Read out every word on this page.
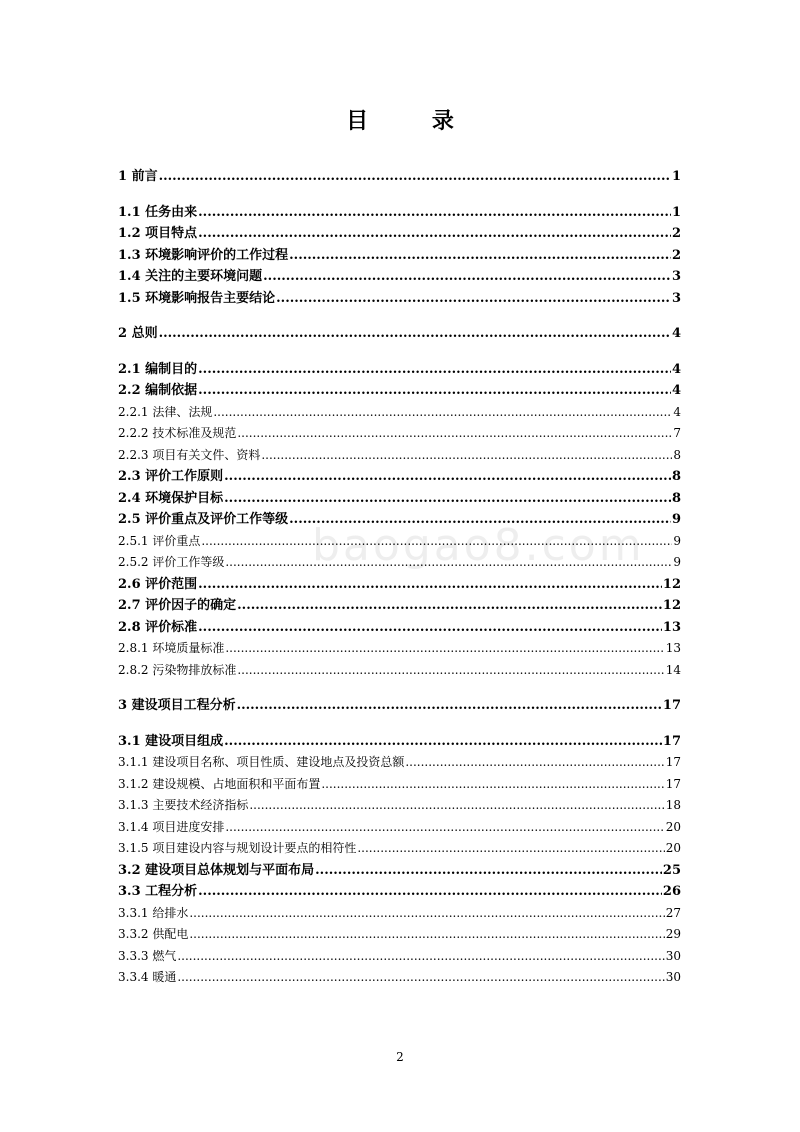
目 录
baogao8.com
1 前言 .....	1
1.1 任务由来 .....	1
1.2 项目特点 .....	2
1.3 环境影响评价的工作过程 .....	2
1.4 关注的主要环境问题 .....	3
1.5 环境影响报告主要结论 .....	3
2 总则 .....	4
2.1 编制目的 .....	4
2.2 编制依据 .....	4
2.2.1 法律、法规 .....	4
2.2.2 技术标准及规范 .....	7
2.2.3 项目有关文件、资料 .....	8
2.3 评价工作原则 .....	8
2.4 环境保护目标 .....	8
2.5 评价重点及评价工作等级 .....	9
2.5.1 评价重点 .....	9
2.5.2 评价工作等级 .....	9
2.6 评价范围 .....	12
2.7 评价因子的确定 .....	12
2.8 评价标准 .....	13
2.8.1 环境质量标准 .....	13
2.8.2 污染物排放标准 .....	14
3 建设项目工程分析 .....	17
3.1 建设项目组成 .....	17
3.1.1 建设项目名称、项目性质、建设地点及投资总额 .....	17
3.1.2 建设规模、占地面积和平面布置 .....	17
3.1.3 主要技术经济指标 .....	18
3.1.4 项目进度安排 .....	20
3.1.5 项目建设内容与规划设计要点的相符性 .....	20
3.2 建设项目总体规划与平面布局 .....	25
3.3 工程分析 .....	26
3.3.1 给排水 .....	27
3.3.2 供配电 .....	29
3.3.3 燃气 .....	30
3.3.4 暖通 .....	30
2
